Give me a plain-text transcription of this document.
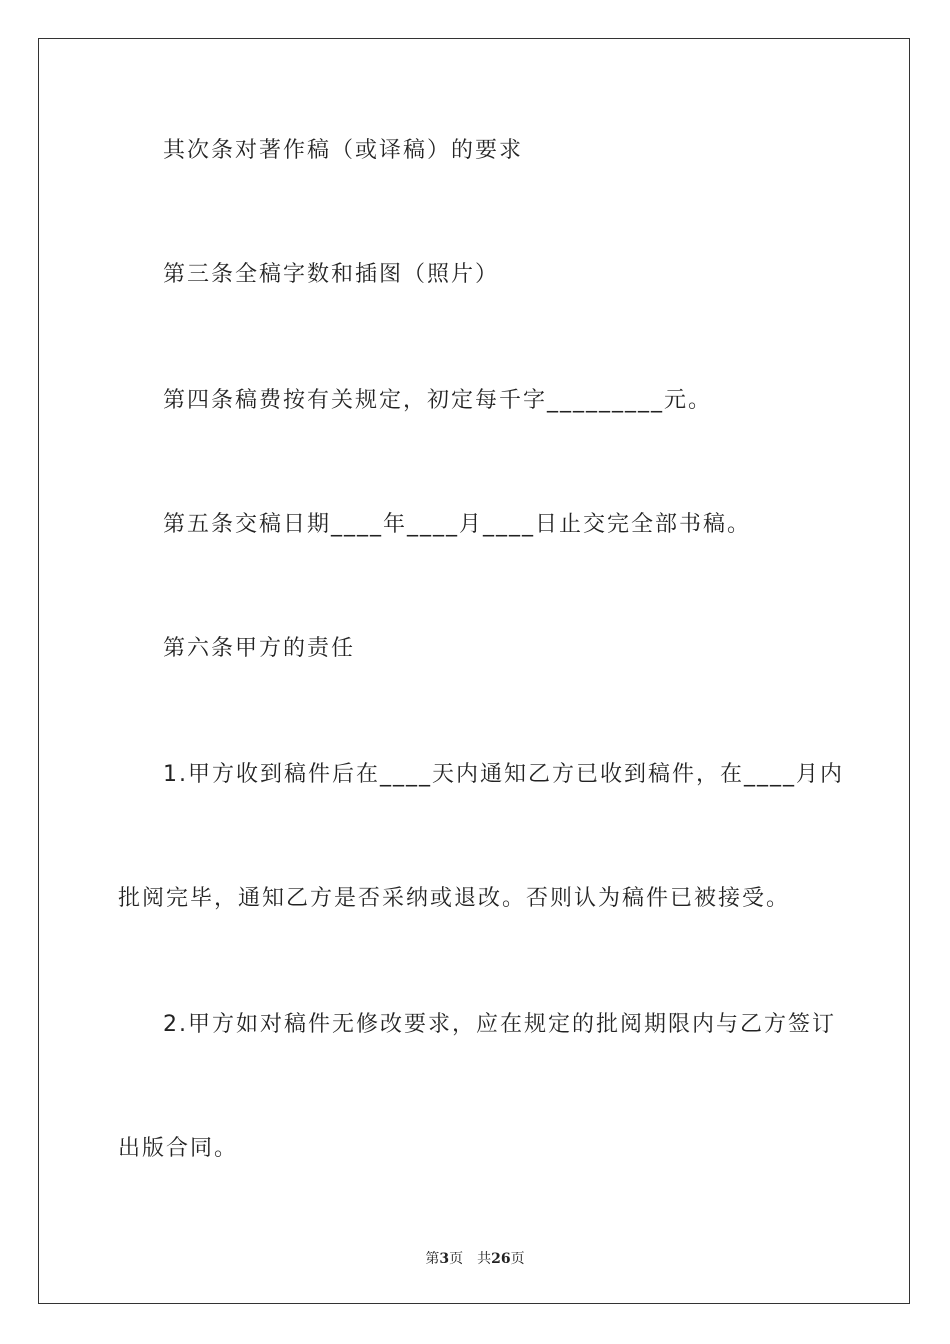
其次条对著作稿（或译稿）的要求
第三条全稿字数和插图（照片）
第四条稿费按有关规定，初定每千字_________元。
第五条交稿日期____年____月____日止交完全部书稿。
第六条甲方的责任
1.甲方收到稿件后在____天内通知乙方已收到稿件，在____月内
批阅完毕，通知乙方是否采纳或退改。否则认为稿件已被接受。
2.甲方如对稿件无修改要求，应在规定的批阅期限内与乙方签订
出版合同。
第3页　共26页
